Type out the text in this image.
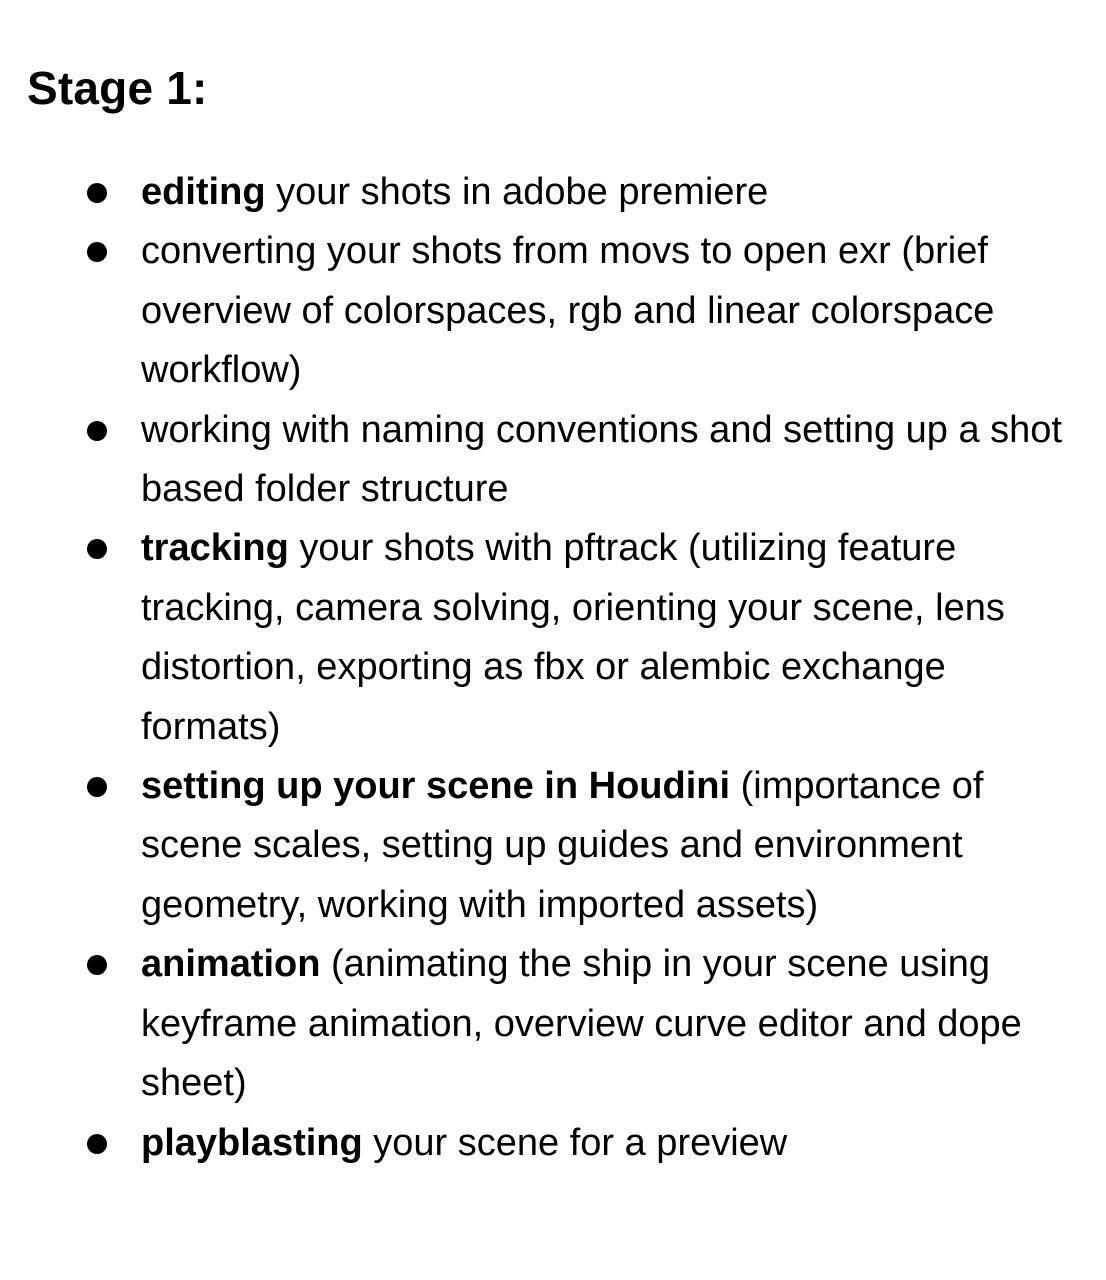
Stage 1:
editing your shots in adobe premiere
converting your shots from movs to open exr (brief overview of colorspaces, rgb and linear colorspace workflow)
working with naming conventions and setting up a shot based folder structure
tracking your shots with pftrack (utilizing feature tracking, camera solving, orienting your scene, lens distortion, exporting as fbx or alembic exchange formats)
setting up your scene in Houdini (importance of scene scales, setting up guides and environment geometry, working with imported assets)
animation (animating the ship in your scene using keyframe animation, overview curve editor and dope sheet)
playblasting your scene for a preview
